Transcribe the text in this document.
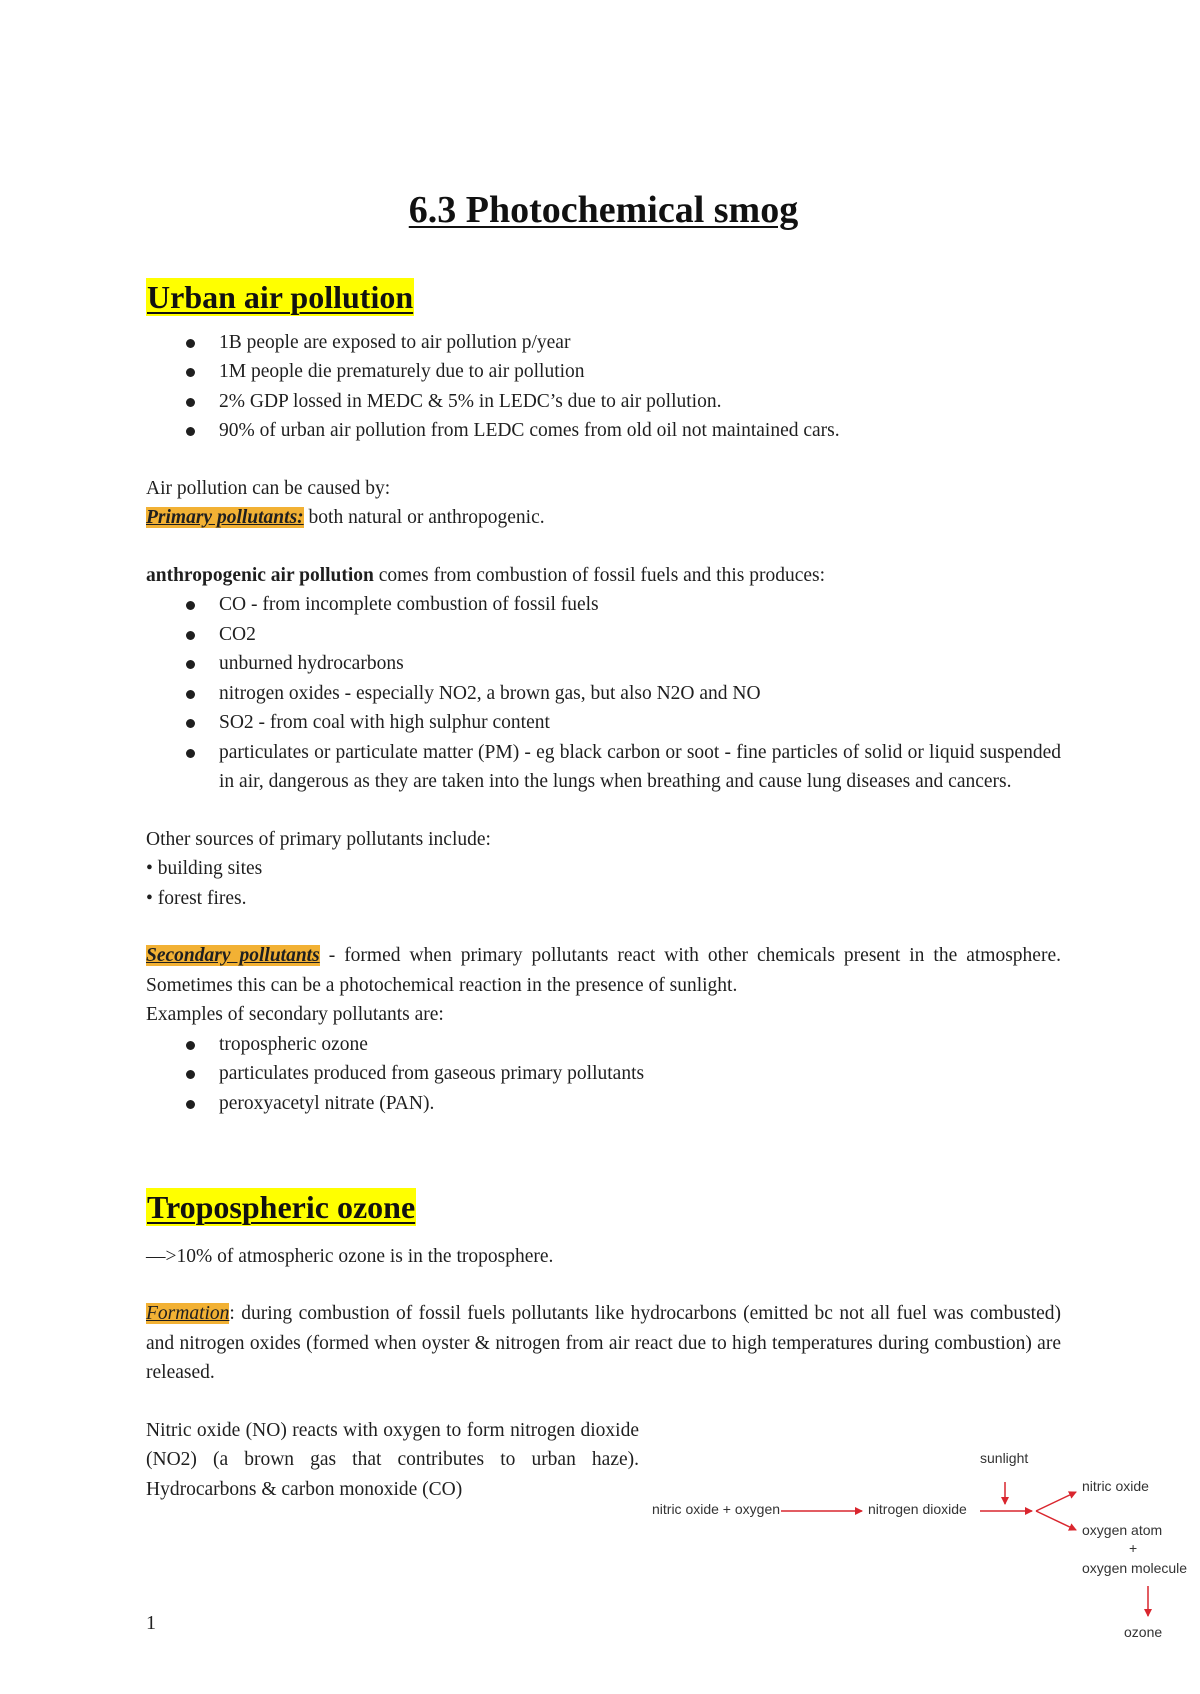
6.3 Photochemical smog
Urban air pollution
1B people are exposed to air pollution p/year
1M people die prematurely due to air pollution
2% GDP lossed in MEDC & 5% in LEDC’s due to air pollution.
90% of urban air pollution from LEDC comes from old oil not maintained cars.

Air pollution can be caused by:

Primary pollutants: both natural or anthropogenic.

anthropogenic air pollution comes from combustion of fossil fuels and this produces:

CO - from incomplete combustion of fossil fuels
CO2
unburned hydrocarbons
nitrogen oxides - especially NO2, a brown gas, but also N2O and NO
SO2 - from coal with high sulphur content
particulates or particulate matter (PM) - eg black carbon or soot - fine particles of solid or liquid suspended in air, dangerous as they are taken into the lungs when breathing and cause lung diseases and cancers.

Other sources of primary pollutants include:

• building sites

• forest fires.

Secondary pollutants - formed when primary pollutants react with other chemicals present in the atmosphere. Sometimes this can be a photochemical reaction in the presence of sunlight.

Examples of secondary pollutants are:

tropospheric ozone
particulates produced from gaseous primary pollutants
peroxyacetyl nitrate (PAN).
Tropospheric ozone

—>10% of atmospheric ozone is in the troposphere.

Formation: during combustion of fossil fuels pollutants like hydrocarbons (emitted bc not all fuel was combusted) and nitrogen oxides (formed when oyster & nitrogen from air react due to high temperatures during combustion) are released.

Nitric oxide (NO) reacts with oxygen to form nitrogen dioxide (NO2) (a brown gas that contributes to urban haze). Hydrocarbons & carbon monoxide (CO)

nitric oxide + oxygen	nitrogen dioxide
sunlight
nitric oxide
oxygen atom
+
oxygen molecule
ozone
1
